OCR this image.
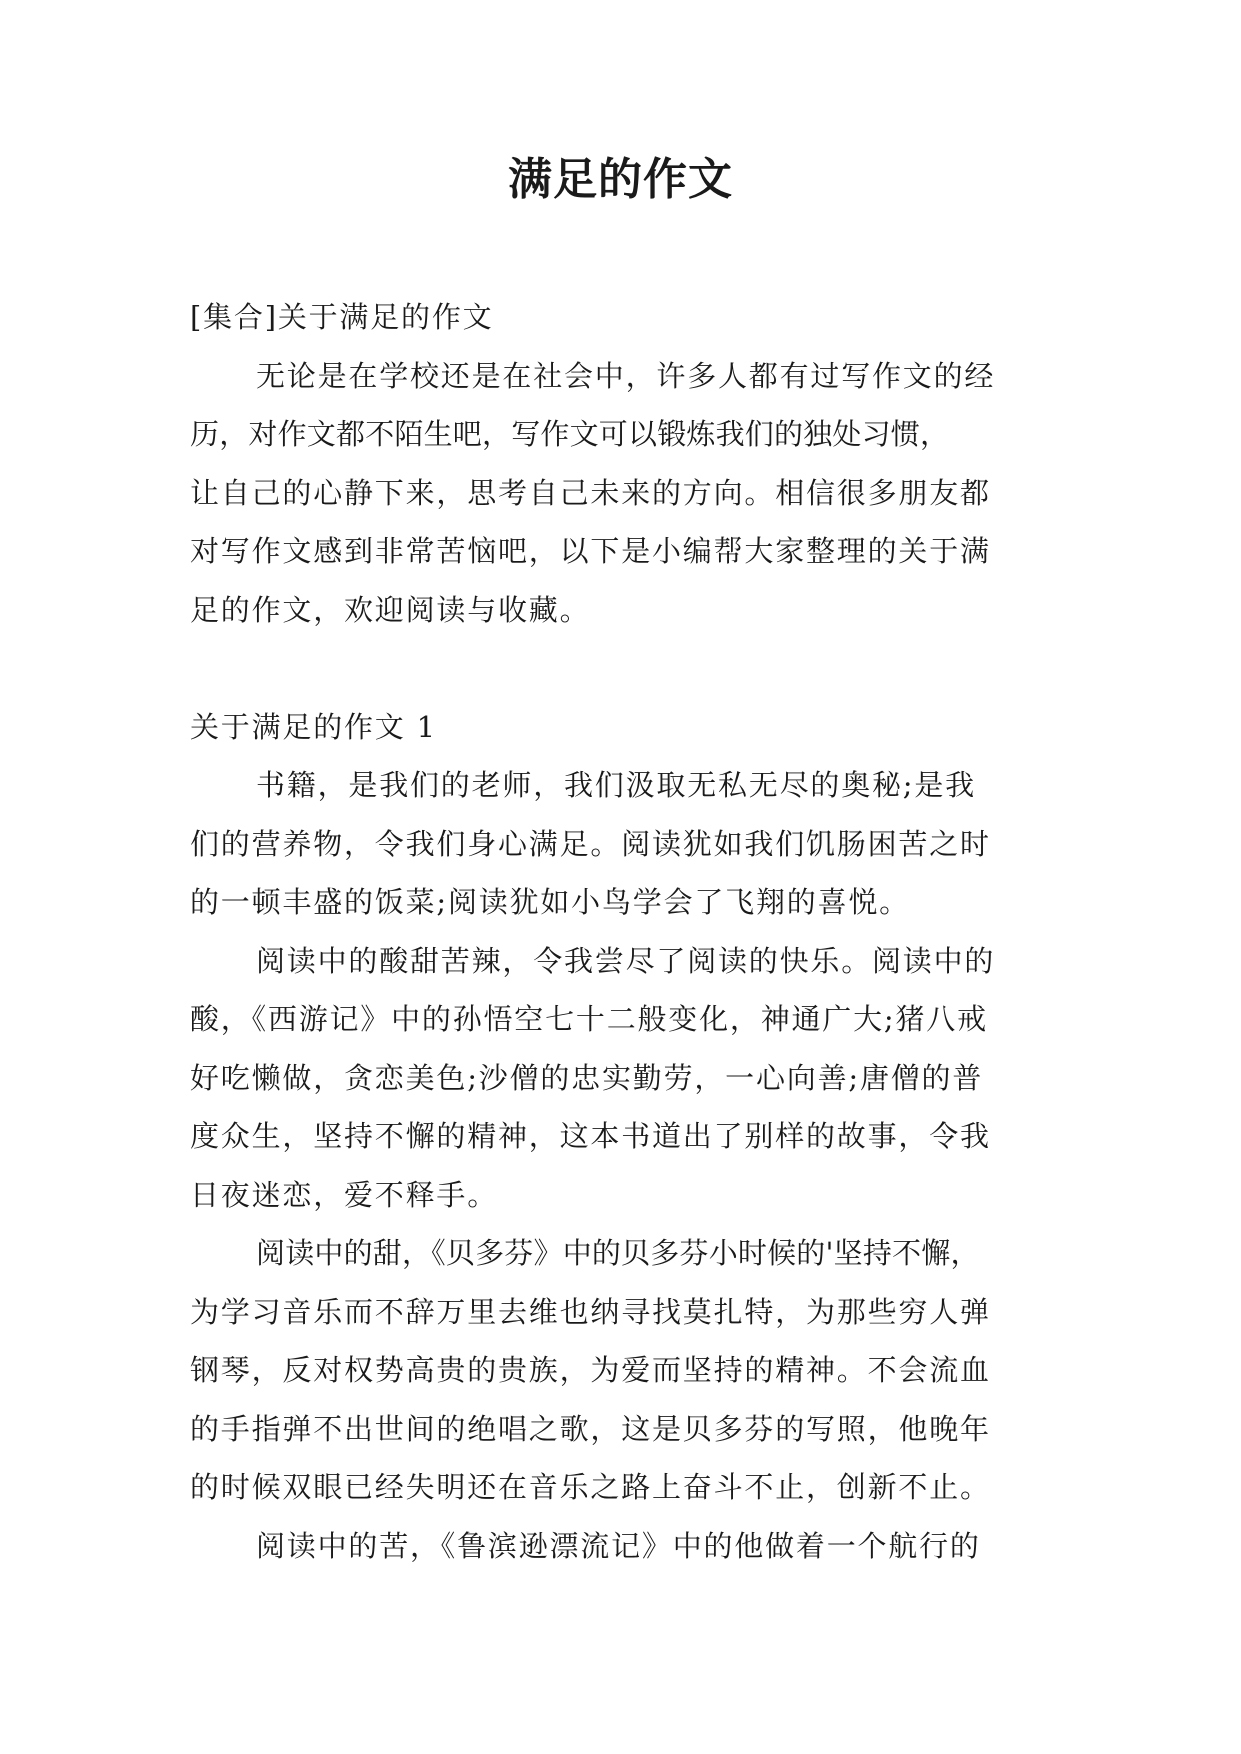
满足的作文
[集合]关于满足的作文
无论是在学校还是在社会中，许多人都有过写作文的经
历，对作文都不陌生吧，写作文可以锻炼我们的独处习惯，
让自己的心静下来，思考自己未来的方向。相信很多朋友都
对写作文感到非常苦恼吧，以下是小编帮大家整理的关于满
足的作文，欢迎阅读与收藏。
关于满足的作文 1
书籍，是我们的老师，我们汲取无私无尽的奥秘;是我
们的营养物，令我们身心满足。阅读犹如我们饥肠困苦之时
的一顿丰盛的饭菜;阅读犹如小鸟学会了飞翔的喜悦。
阅读中的酸甜苦辣，令我尝尽了阅读的快乐。阅读中的
酸，《西游记》中的孙悟空七十二般变化，神通广大;猪八戒
好吃懒做，贪恋美色;沙僧的忠实勤劳，一心向善;唐僧的普
度众生，坚持不懈的精神，这本书道出了别样的故事，令我
日夜迷恋，爱不释手。
阅读中的甜，《贝多芬》中的贝多芬小时候的'坚持不懈，
为学习音乐而不辞万里去维也纳寻找莫扎特，为那些穷人弹
钢琴，反对权势高贵的贵族，为爱而坚持的精神。不会流血
的手指弹不出世间的绝唱之歌，这是贝多芬的写照，他晚年
的时候双眼已经失明还在音乐之路上奋斗不止，创新不止。
阅读中的苦，《鲁滨逊漂流记》中的他做着一个航行的
